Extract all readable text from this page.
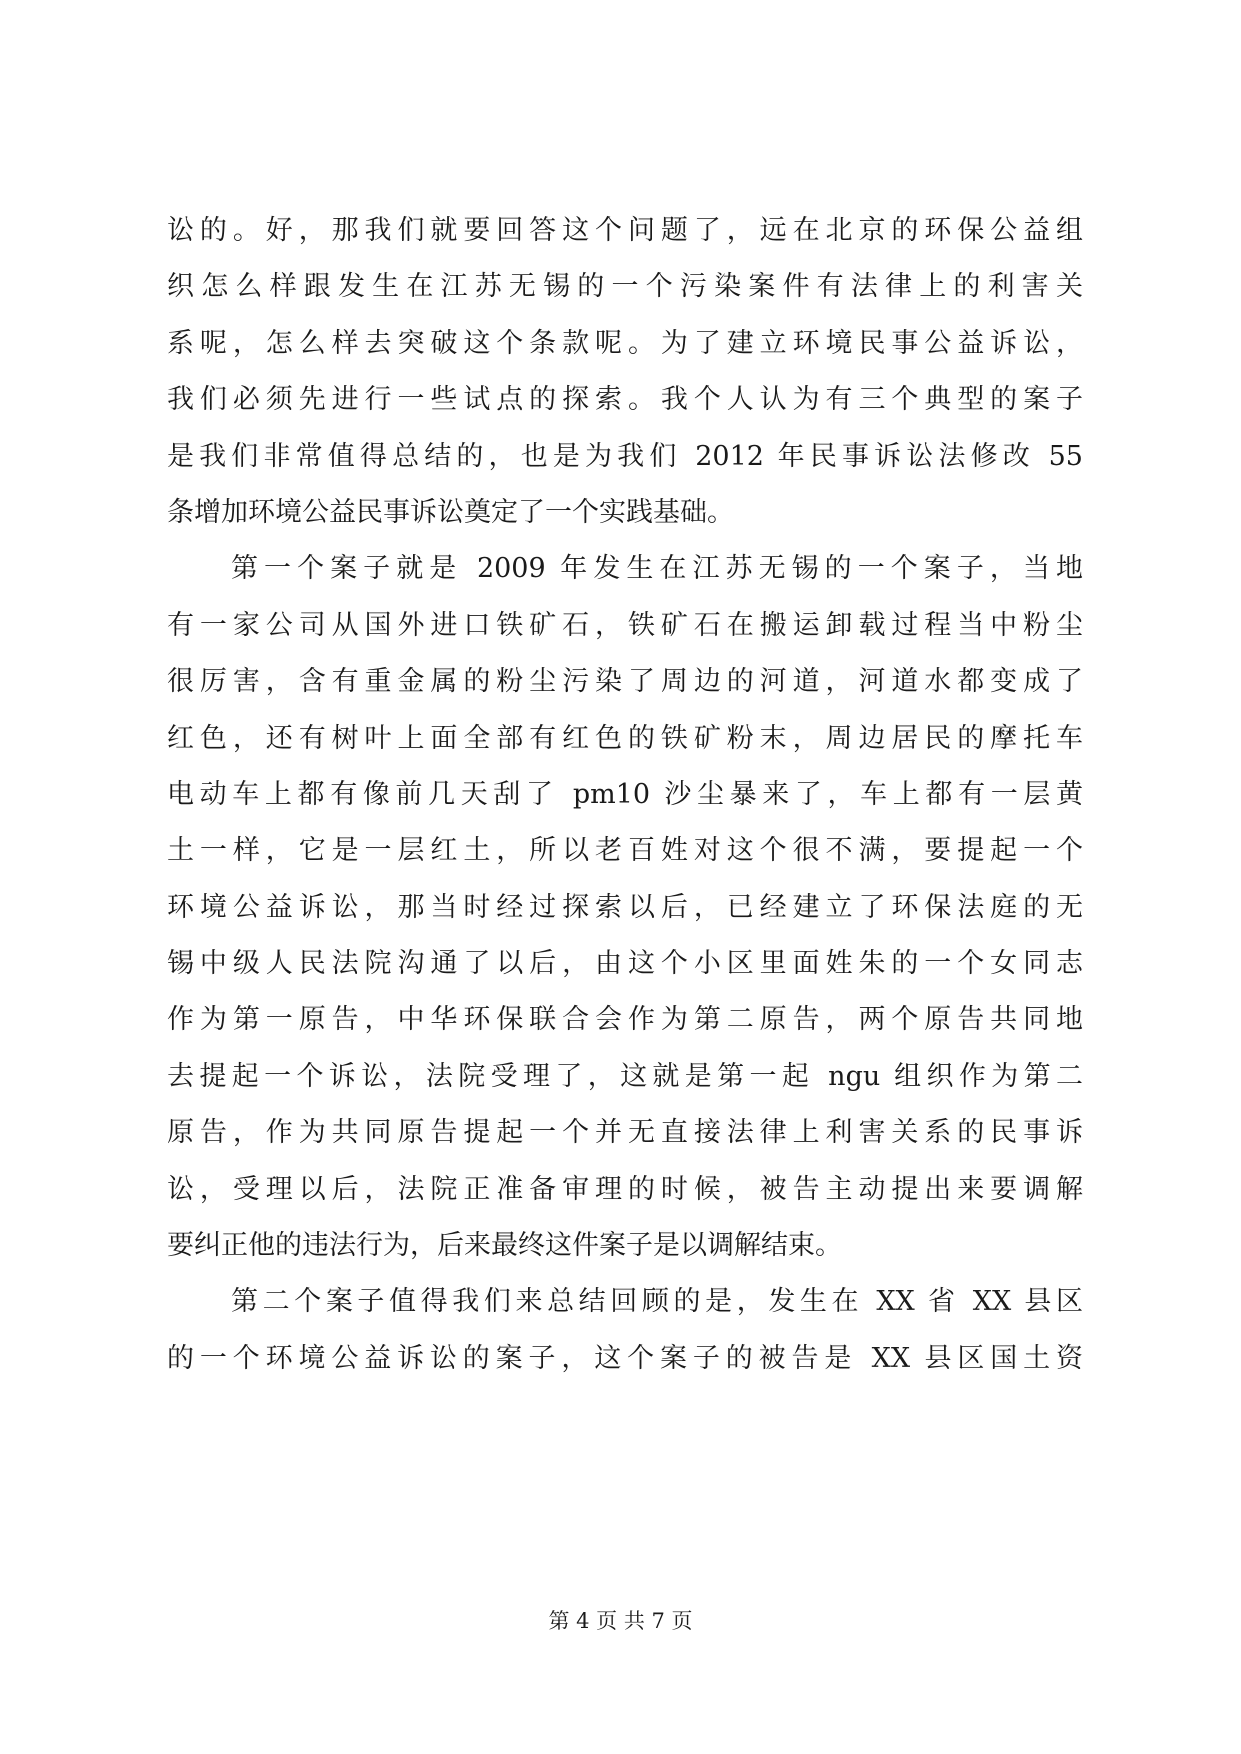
讼的。好，那我们就要回答这个问题了，远在北京的环保公益组
织怎么样跟发生在江苏无锡的一个污染案件有法律上的利害关
系呢，怎么样去突破这个条款呢。为了建立环境民事公益诉讼，
我们必须先进行一些试点的探索。我个人认为有三个典型的案子
是我们非常值得总结的，也是为我们 2012 年民事诉讼法修改 55
条增加环境公益民事诉讼奠定了一个实践基础。
第一个案子就是 2009 年发生在江苏无锡的一个案子，当地
有一家公司从国外进口铁矿石，铁矿石在搬运卸载过程当中粉尘
很厉害，含有重金属的粉尘污染了周边的河道，河道水都变成了
红色，还有树叶上面全部有红色的铁矿粉末，周边居民的摩托车
电动车上都有像前几天刮了 pm10 沙尘暴来了，车上都有一层黄
土一样，它是一层红土，所以老百姓对这个很不满，要提起一个
环境公益诉讼，那当时经过探索以后，已经建立了环保法庭的无
锡中级人民法院沟通了以后，由这个小区里面姓朱的一个女同志
作为第一原告，中华环保联合会作为第二原告，两个原告共同地
去提起一个诉讼，法院受理了，这就是第一起 ngu 组织作为第二
原告，作为共同原告提起一个并无直接法律上利害关系的民事诉
讼，受理以后，法院正准备审理的时候，被告主动提出来要调解
要纠正他的违法行为，后来最终这件案子是以调解结束。
第二个案子值得我们来总结回顾的是，发生在 XX 省 XX 县区
的一个环境公益诉讼的案子，这个案子的被告是 XX 县区国土资
第 4 页 共 7 页
